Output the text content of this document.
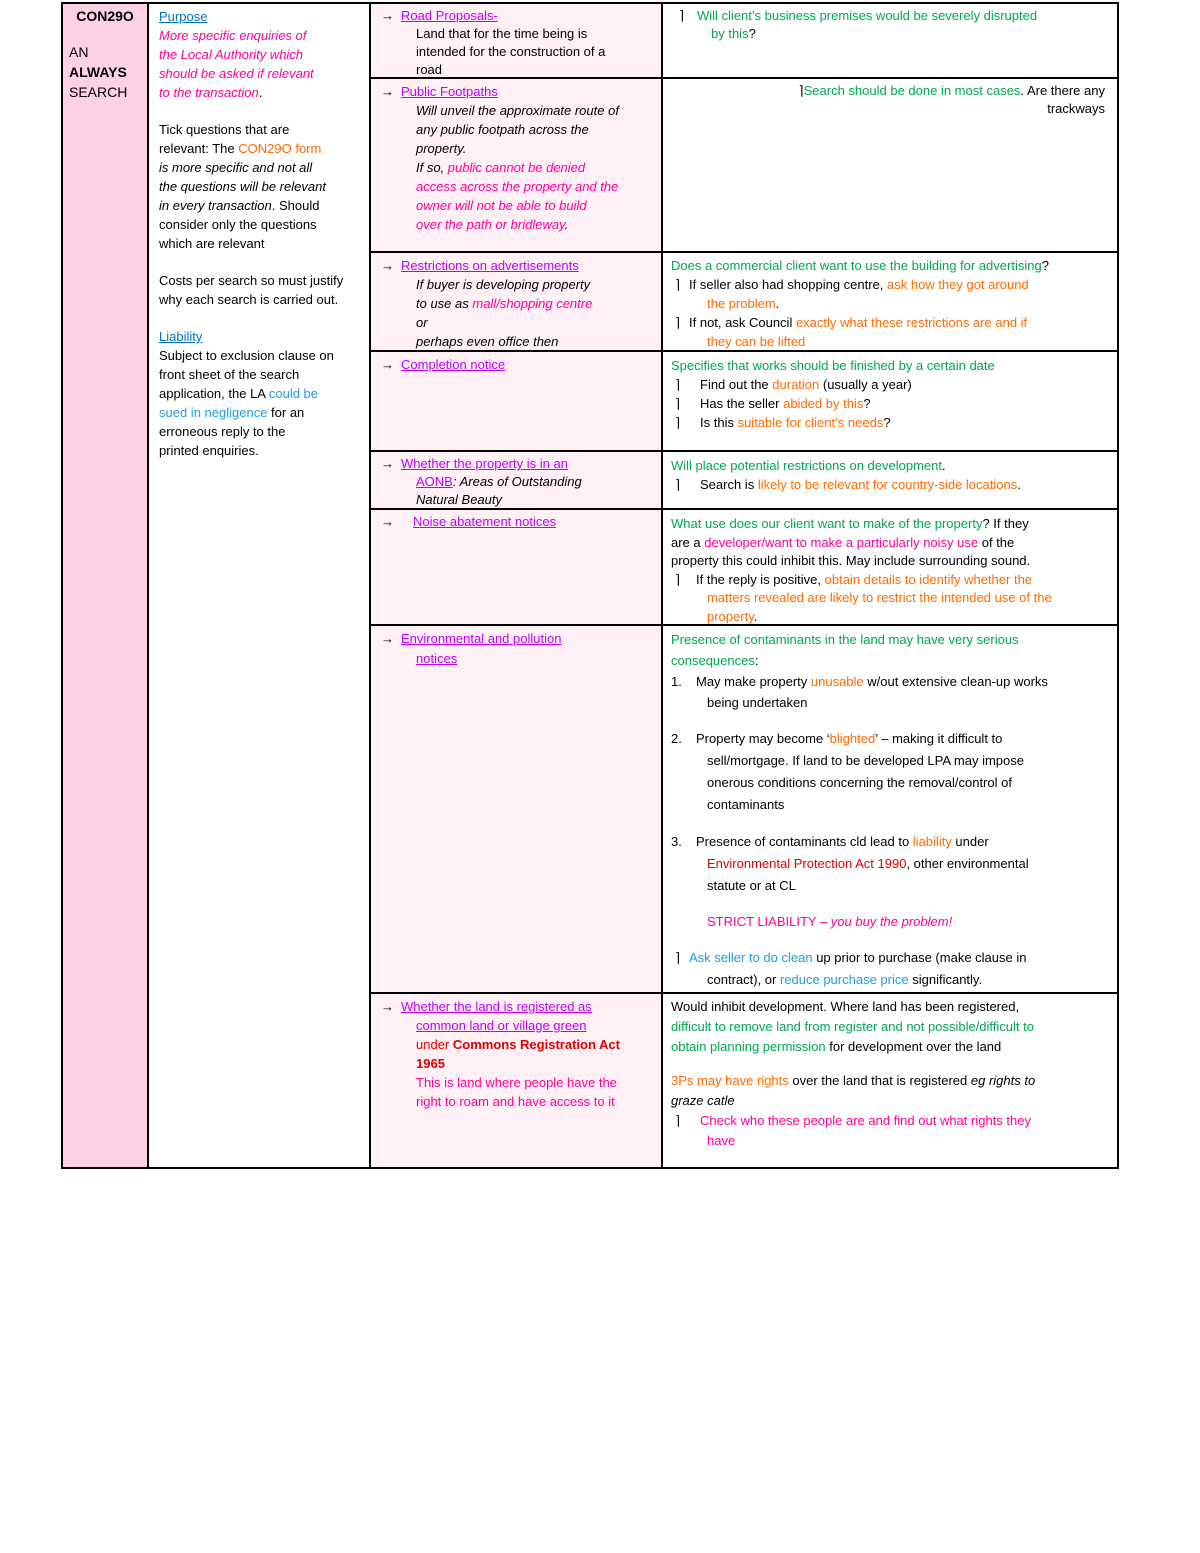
CON29O
AN
ALWAYS
SEARCH

Purpose

More specific enquiries of

the Local Authority which

should be asked if relevant

to the transaction.

Tick questions that are

relevant: The CON29O form

is more specific and not all

the questions will be relevant

in every transaction. Should

consider only the questions

which are relevant

Costs per search so must justify

why each search is carried out.

Liability

Subject to exclusion clause on

front sheet of the search

application, the LA could be

sued in negligence for an

erroneous reply to the

printed enquiries.

→ Road Proposals-

Land that for the time being is

intended for the construction of a

road

→ Public Footpaths

Will unveil the approximate route of

any public footpath across the

property.

If so, public cannot be denied

access across the property and the

owner will not be able to build

over the path or bridleway.

→ Restrictions on advertisements

If buyer is developing property

to use as mall/shopping centre

or

perhaps even office then

→ Completion notice

→ Whether the property is in an

AONB: Areas of Outstanding

Natural Beauty

→ Noise abatement notices

→ Environmental and pollution

notices

→ Whether the land is registered as

common land or village green

under Commons Registration Act

1965

This is land where people have the

right to roam and have access to it

⌉ Will client’s business premises would be severely disrupted

by this?

⌉Search should be done in most cases. Are there any

trackways

Does a commercial client want to use the building for advertising?

⌉ If seller also had shopping centre, ask how they got around

the problem.

⌉ If not, ask Council exactly what these restrictions are and if

they can be lifted

Specifies that works should be finished by a certain date

⌉ Find out the duration (usually a year)

⌉ Has the seller abided by this?

⌉ Is this suitable for client’s needs?

Will place potential restrictions on development.

⌉ Search is likely to be relevant for country-side locations.

What use does our client want to make of the property? If they

are a developer/want to make a particularly noisy use of the

property this could inhibit this. May include surrounding sound.

⌉ If the reply is positive, obtain details to identify whether the

matters revealed are likely to restrict the intended use of the

property.

Presence of contaminants in the land may have very serious

consequences:

1. May make property unusable w/out extensive clean-up works

being undertaken

2. Property may become ‘blighted’ – making it difficult to

sell/mortgage. If land to be developed LPA may impose

onerous conditions concerning the removal/control of

contaminants

3. Presence of contaminants cld lead to liability under

Environmental Protection Act 1990, other environmental

statute or at CL

STRICT LIABILITY – you buy the problem!

⌉ Ask seller to do clean up prior to purchase (make clause in

contract), or reduce purchase price significantly.

Would inhibit development. Where land has been registered,

difficult to remove land from register and not possible/difficult to

obtain planning permission for development over the land

3Ps may have rights over the land that is registered eg rights to

graze catle

⌉ Check who these people are and find out what rights they

have
